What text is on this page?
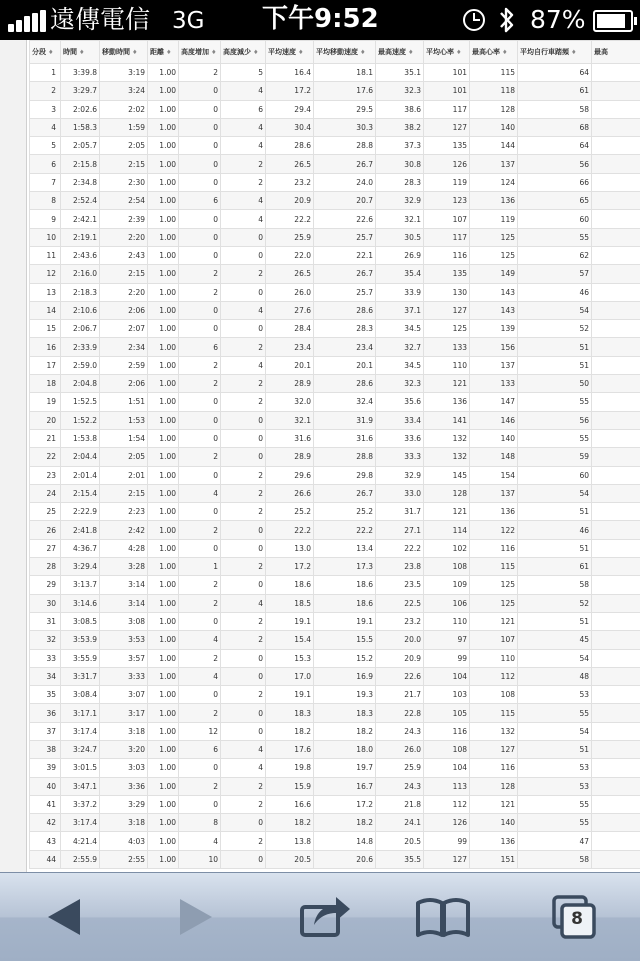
遠傳電信 3G 下午9:52	87%
分段 ♦	時間 ♦	移動時間 ♦	距離 ♦	高度增加 ♦	高度減少 ♦	平均速度 ♦	平均移動速度 ♦	最高速度 ♦	平均心率 ♦	最高心率 ♦	平均自行車踏頻 ♦	最高
1	3:39.8	3:19	1.00	2	5	16.4	18.1	35.1	101	115	64	
2	3:29.7	3:24	1.00	0	4	17.2	17.6	32.3	101	118	61	
3	2:02.6	2:02	1.00	0	6	29.4	29.5	38.6	117	128	58	
4	1:58.3	1:59	1.00	0	4	30.4	30.3	38.2	127	140	68	
5	2:05.7	2:05	1.00	0	4	28.6	28.8	37.3	135	144	64	
6	2:15.8	2:15	1.00	0	2	26.5	26.7	30.8	126	137	56	
7	2:34.8	2:30	1.00	0	2	23.2	24.0	28.3	119	124	66	
8	2:52.4	2:54	1.00	6	4	20.9	20.7	32.9	123	136	65	
9	2:42.1	2:39	1.00	0	4	22.2	22.6	32.1	107	119	60	
10	2:19.1	2:20	1.00	0	0	25.9	25.7	30.5	117	125	55	
11	2:43.6	2:43	1.00	0	0	22.0	22.1	26.9	116	125	62	
12	2:16.0	2:15	1.00	2	2	26.5	26.7	35.4	135	149	57	
13	2:18.3	2:20	1.00	2	0	26.0	25.7	33.9	130	143	46	
14	2:10.6	2:06	1.00	0	4	27.6	28.6	37.1	127	143	54	
15	2:06.7	2:07	1.00	0	0	28.4	28.3	34.5	125	139	52	
16	2:33.9	2:34	1.00	6	2	23.4	23.4	32.7	133	156	51	
17	2:59.0	2:59	1.00	2	4	20.1	20.1	34.5	110	137	51	
18	2:04.8	2:06	1.00	2	2	28.9	28.6	32.3	121	133	50	
19	1:52.5	1:51	1.00	0	2	32.0	32.4	35.6	136	147	55	
20	1:52.2	1:53	1.00	0	0	32.1	31.9	33.4	141	146	56	
21	1:53.8	1:54	1.00	0	0	31.6	31.6	33.6	132	140	55	
22	2:04.4	2:05	1.00	2	0	28.9	28.8	33.3	132	148	59	
23	2:01.4	2:01	1.00	0	2	29.6	29.8	32.9	145	154	60	
24	2:15.4	2:15	1.00	4	2	26.6	26.7	33.0	128	137	54	
25	2:22.9	2:23	1.00	0	2	25.2	25.2	31.7	121	136	51	
26	2:41.8	2:42	1.00	2	0	22.2	22.2	27.1	114	122	46	
27	4:36.7	4:28	1.00	0	0	13.0	13.4	22.2	102	116	51	
28	3:29.4	3:28	1.00	1	2	17.2	17.3	23.8	108	115	61	
29	3:13.7	3:14	1.00	2	0	18.6	18.6	23.5	109	125	58	
30	3:14.6	3:14	1.00	2	4	18.5	18.6	22.5	106	125	52	
31	3:08.5	3:08	1.00	0	2	19.1	19.1	23.2	110	121	51	
32	3:53.9	3:53	1.00	4	2	15.4	15.5	20.0	97	107	45	
33	3:55.9	3:57	1.00	2	0	15.3	15.2	20.9	99	110	54	
34	3:31.7	3:33	1.00	4	0	17.0	16.9	22.6	104	112	48	
35	3:08.4	3:07	1.00	0	2	19.1	19.3	21.7	103	108	53	
36	3:17.1	3:17	1.00	2	0	18.3	18.3	22.8	105	115	55	
37	3:17.4	3:18	1.00	12	0	18.2	18.2	24.3	116	132	54	
38	3:24.7	3:20	1.00	6	4	17.6	18.0	26.0	108	127	51	
39	3:01.5	3:03	1.00	0	4	19.8	19.7	25.9	104	116	53	
40	3:47.1	3:36	1.00	2	2	15.9	16.7	24.3	113	128	53	
41	3:37.2	3:29	1.00	0	2	16.6	17.2	21.8	112	121	55	
42	3:17.4	3:18	1.00	8	0	18.2	18.2	24.1	126	140	55	
43	4:21.4	4:03	1.00	4	2	13.8	14.8	20.5	99	136	47	
44	2:55.9	2:55	1.00	10	0	20.5	20.6	35.5	127	151	58	
8
